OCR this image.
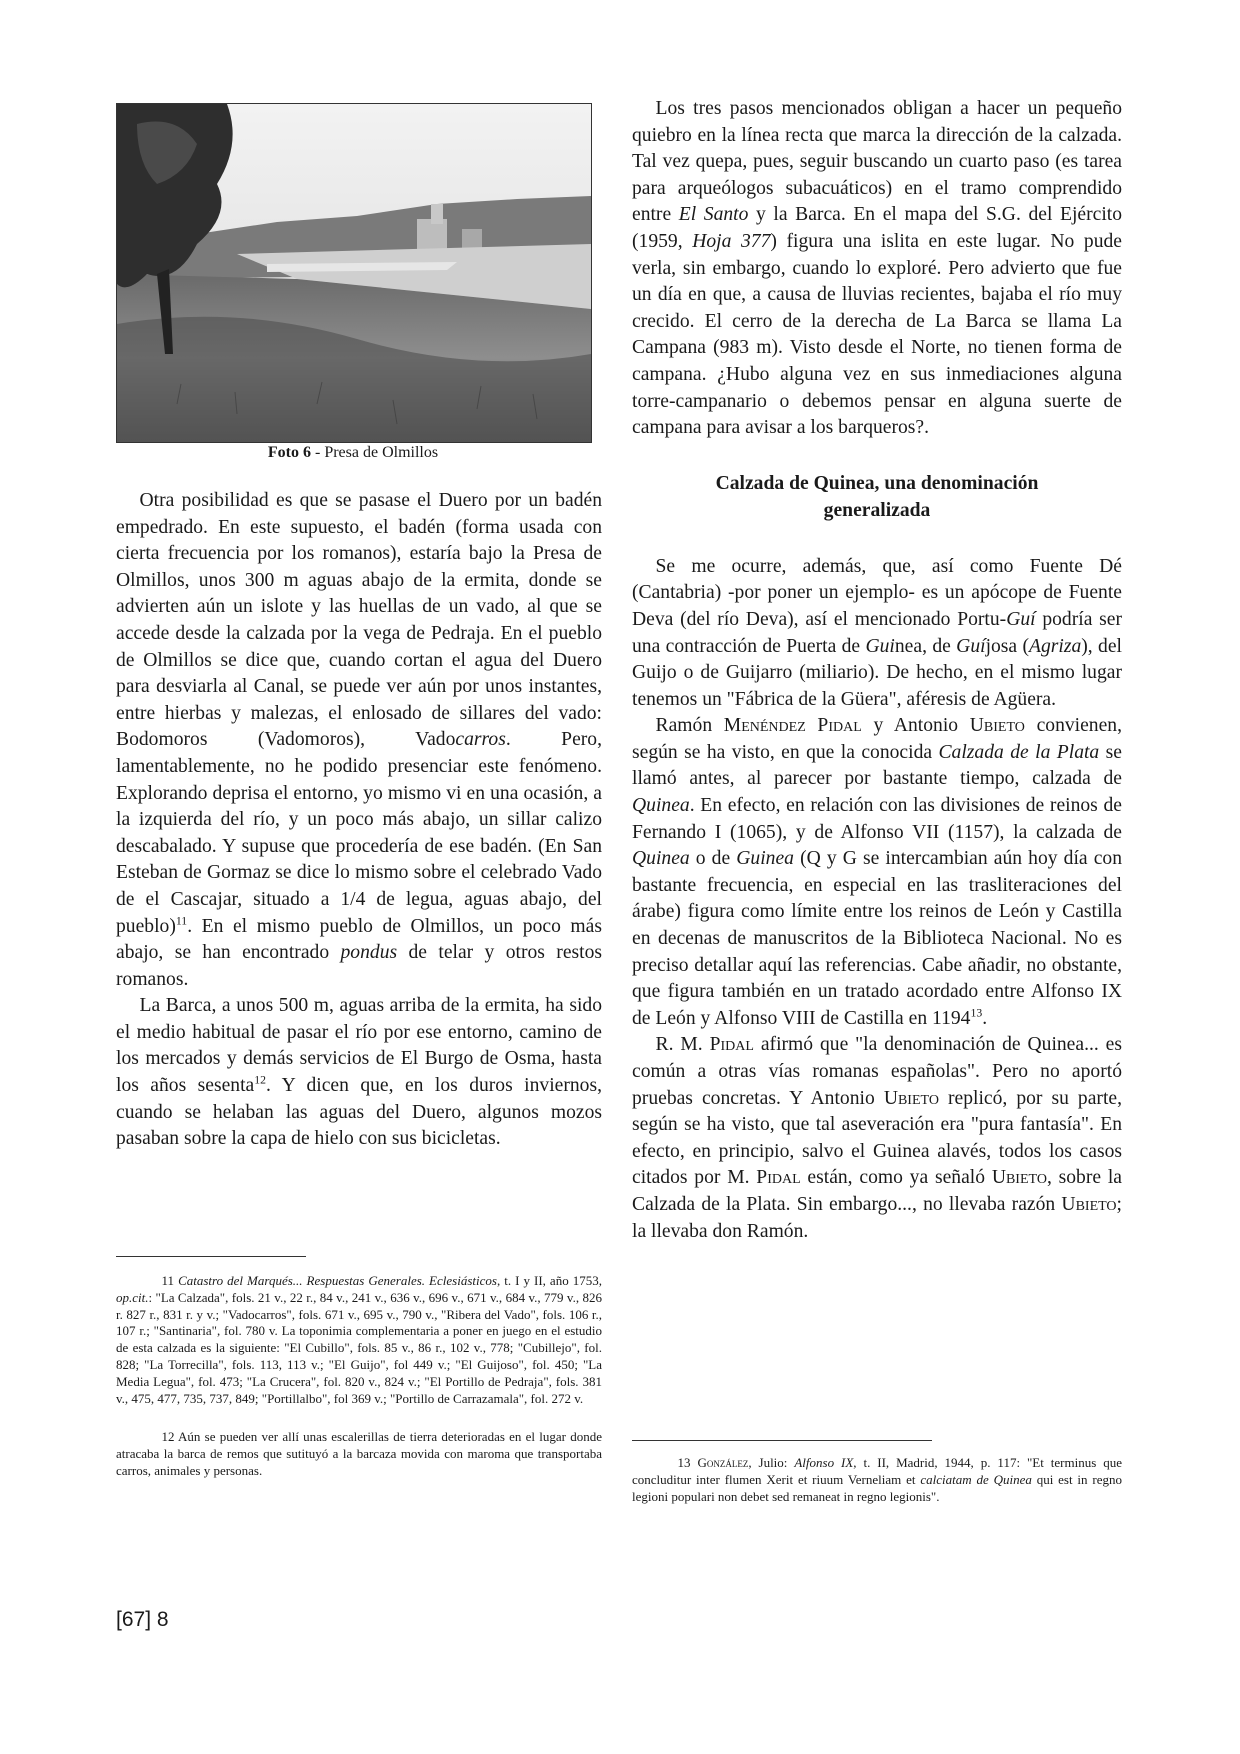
Foto 6 - Presa de Olmillos

Otra posibilidad es que se pasase el Duero por un badén empedrado. En este supuesto, el badén (forma usada con cierta frecuencia por los romanos), estaría bajo la Presa de Olmillos, unos 300 m aguas abajo de la ermita, donde se advierten aún un islote y las huellas de un vado, al que se accede desde la calzada por la vega de Pedraja. En el pueblo de Olmillos se dice que, cuando cortan el agua del Duero para desviarla al Canal, se puede ver aún por unos instantes, entre hierbas y malezas, el enlosado de sillares del vado: Bodomoros (Vadomoros), Vadocarros. Pero, lamentablemente, no he podido presenciar este fenómeno. Explorando deprisa el entorno, yo mismo vi en una ocasión, a la izquierda del río, y un poco más abajo, un sillar calizo descabalado. Y supuse que procedería de ese badén. (En San Esteban de Gormaz se dice lo mismo sobre el celebrado Vado de el Cascajar, situado a 1/4 de legua, aguas abajo, del pueblo)$^{11}$. En el mismo pueblo de Olmillos, un poco más abajo, se han encontrado pondus de telar y otros restos romanos.

La Barca, a unos 500 m, aguas arriba de la ermita, ha sido el medio habitual de pasar el río por ese entorno, camino de los mercados y demás servicios de El Burgo de Osma, hasta los años sesenta$^{12}$. Y dicen que, en los duros inviernos, cuando se helaban las aguas del Duero, algunos mozos pasaban sobre la capa de hielo con sus bicicletas.

11 Catastro del Marqués... Respuestas Generales. Eclesiásticos, t. I y II, año 1753, op.cit.: "La Calzada", fols. 21 v., 22 r., 84 v., 241 v., 636 v., 696 v., 671 v., 684 v., 779 v., 826 r. 827 r., 831 r. y v.; "Vadocarros", fols. 671 v., 695 v., 790 v., "Ribera del Vado", fols. 106 r., 107 r.; "Santinaria", fol. 780 v. La toponimia complementaria a poner en juego en el estudio de esta calzada es la siguiente: "El Cubillo", fols. 85 v., 86 r., 102 v., 778; "Cubillejo", fol. 828; "La Torrecilla", fols. 113, 113 v.; "El Guijo", fol 449 v.; "El Guijoso", fol. 450; "La Media Legua", fol. 473; "La Crucera", fol. 820 v., 824 v.; "El Portillo de Pedraja", fols. 381 v., 475, 477, 735, 737, 849; "Portillalbo", fol 369 v.; "Portillo de Carrazamala", fol. 272 v.

12 Aún se pueden ver allí unas escalerillas de tierra deterioradas en el lugar donde atracaba la barca de remos que sutituyó a la barcaza movida con maroma que transportaba carros, animales y personas.

Los tres pasos mencionados obligan a hacer un pequeño quiebro en la línea recta que marca la dirección de la calzada. Tal vez quepa, pues, seguir buscando un cuarto paso (es tarea para arqueólogos subacuáticos) en el tramo comprendido entre El Santo y la Barca. En el mapa del S.G. del Ejército (1959, Hoja 377) figura una islita en este lugar. No pude verla, sin embargo, cuando lo exploré. Pero advierto que fue un día en que, a causa de lluvias recientes, bajaba el río muy crecido. El cerro de la derecha de La Barca se llama La Campana (983 m). Visto desde el Norte, no tienen forma de campana. ¿Hubo alguna vez en sus inmediaciones alguna torre-campanario o debemos pensar en alguna suerte de campana para avisar a los barqueros?.

Calzada de Quinea, una denominación generalizada

Se me ocurre, además, que, así como Fuente Dé (Cantabria) -por poner un ejemplo- es un apócope de Fuente Deva (del río Deva), así el mencionado Portu-Guí podría ser una contracción de Puerta de Guinea, de Guíjosa (Agriza), del Guijo o de Guijarro (miliario). De hecho, en el mismo lugar tenemos un "Fábrica de la Güera", aféresis de Agüera.

Ramón Menéndez Pidal y Antonio Ubieto convienen, según se ha visto, en que la conocida Calzada de la Plata se llamó antes, al parecer por bastante tiempo, calzada de Quinea. En efecto, en relación con las divisiones de reinos de Fernando I (1065), y de Alfonso VII (1157), la calzada de Quinea o de Guinea (Q y G se intercambian aún hoy día con bastante frecuencia, en especial en las trasliteraciones del árabe) figura como límite entre los reinos de León y Castilla en decenas de manuscritos de la Biblioteca Nacional. No es preciso detallar aquí las referencias. Cabe añadir, no obstante, que figura también en un tratado acordado entre Alfonso IX de León y Alfonso VIII de Castilla en 1194$^{13}$.

R. M. Pidal afirmó que "la denominación de Quinea... es común a otras vías romanas españolas". Pero no aportó pruebas concretas. Y Antonio Ubieto replicó, por su parte, según se ha visto, que tal aseveración era "pura fantasía". En efecto, en principio, salvo el Guinea alavés, todos los casos citados por M. Pidal están, como ya señaló Ubieto, sobre la Calzada de la Plata. Sin embargo..., no llevaba razón Ubieto; la llevaba don Ramón.

13 González, Julio: Alfonso IX, t. II, Madrid, 1944, p. 117: "Et terminus que concluditur inter flumen Xerit et riuum Verneliam et calciatam de Quinea qui est in regno legioni populari non debet sed remaneat in regno legionis".

[67] 8
